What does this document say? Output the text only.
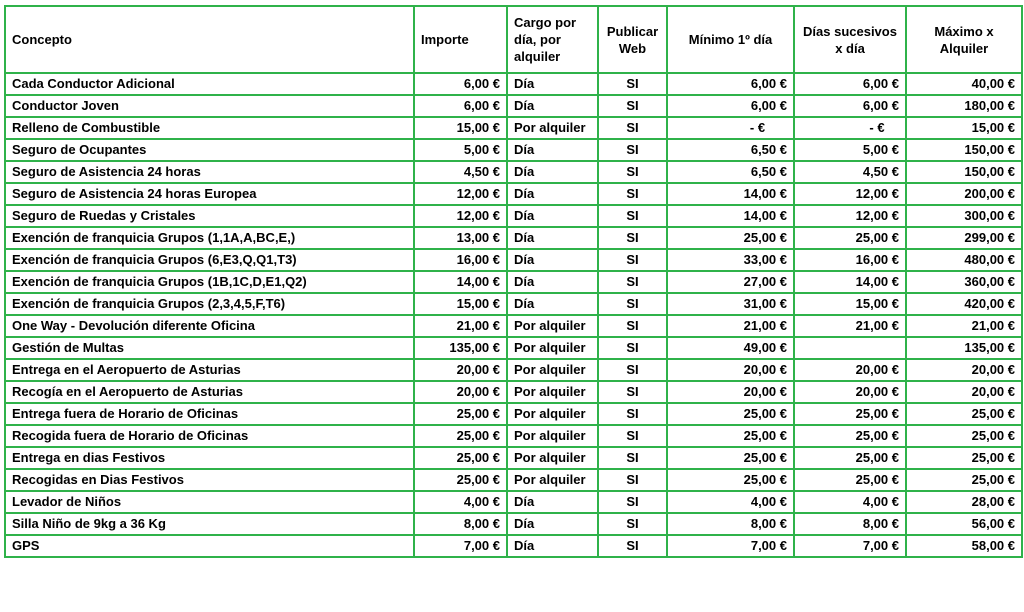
Concepto	Importe	Cargo por día, por alquiler	Publicar Web	Mínimo 1º día	Días sucesivos x día	Máximo x Alquiler
Cada Conductor Adicional	6,00 €	Día	SI	6,00 €	6,00 €	40,00 €
Conductor Joven	6,00 €	Día	SI	6,00 €	6,00 €	180,00 €
Relleno de Combustible	15,00 €	Por alquiler	SI	- €	- €	15,00 €
Seguro de Ocupantes	5,00 €	Día	SI	6,50 €	5,00 €	150,00 €
Seguro de Asistencia 24 horas	4,50 €	Día	SI	6,50 €	4,50 €	150,00 €
Seguro de Asistencia 24 horas Europea	12,00 €	Día	SI	14,00 €	12,00 €	200,00 €
Seguro de Ruedas y Cristales	12,00 €	Día	SI	14,00 €	12,00 €	300,00 €
Exención de franquicia Grupos (1,1A,A,BC,E,)	13,00 €	Día	SI	25,00 €	25,00 €	299,00 €
Exención de franquicia Grupos (6,E3,Q,Q1,T3)	16,00 €	Día	SI	33,00 €	16,00 €	480,00 €
Exención de franquicia Grupos (1B,1C,D,E1,Q2)	14,00 €	Día	SI	27,00 €	14,00 €	360,00 €
Exención de franquicia Grupos (2,3,4,5,F,T6)	15,00 €	Día	SI	31,00 €	15,00 €	420,00 €
One Way - Devolución diferente Oficina	21,00 €	Por alquiler	SI	21,00 €	21,00 €	21,00 €
Gestión de Multas	135,00 €	Por alquiler	SI	49,00 €		135,00 €
Entrega en el Aeropuerto de Asturias	20,00 €	Por alquiler	SI	20,00 €	20,00 €	20,00 €
Recogía en el Aeropuerto de Asturias	20,00 €	Por alquiler	SI	20,00 €	20,00 €	20,00 €
Entrega fuera de Horario de Oficinas	25,00 €	Por alquiler	SI	25,00 €	25,00 €	25,00 €
Recogida fuera de Horario de Oficinas	25,00 €	Por alquiler	SI	25,00 €	25,00 €	25,00 €
Entrega en dias Festivos	25,00 €	Por alquiler	SI	25,00 €	25,00 €	25,00 €
Recogidas en Dias Festivos	25,00 €	Por alquiler	SI	25,00 €	25,00 €	25,00 €
Levador de Niños	4,00 €	Día	SI	4,00 €	4,00 €	28,00 €
Silla Niño de 9kg a 36 Kg	8,00 €	Día	SI	8,00 €	8,00 €	56,00 €
GPS	7,00 €	Día	SI	7,00 €	7,00 €	58,00 €
